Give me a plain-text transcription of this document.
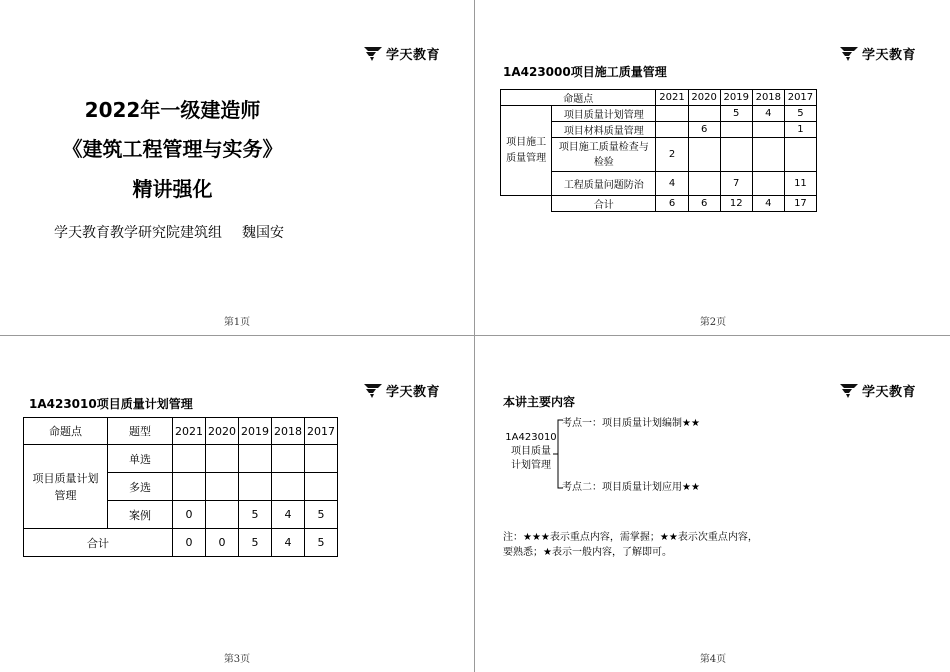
学天教育
2022年一级建造师
《建筑工程管理与实务》
精讲强化
学天教育教学研究院建筑组 魏国安
第1页
学天教育
1A423000项目施工质量管理
命题点		2021	2020	2019	2018	2017
项目施工质量管理	项目质量计划管理			5	4	5
	项目材料质量管理		6			1
	项目施工质量检查与检验	2				
	工程质量问题防治	4		7		11
	合计	6	6	12	4	17
第2页
学天教育
1A423010项目质量计划管理
命题点	题型	2021	2020	2019	2018	2017
项目质量计划管理	单选					
	多选					
	案例	0		5	4	5
合计		0	0	5	4	5
第3页
学天教育
本讲主要内容
1A423010
项目质量
计划管理
考点一：项目质量计划编制★★
考点二：项目质量计划应用★★
注：★★★表示重点内容，需掌握；★★表示次重点内容，
要熟悉；★表示一般内容，了解即可。
第4页
